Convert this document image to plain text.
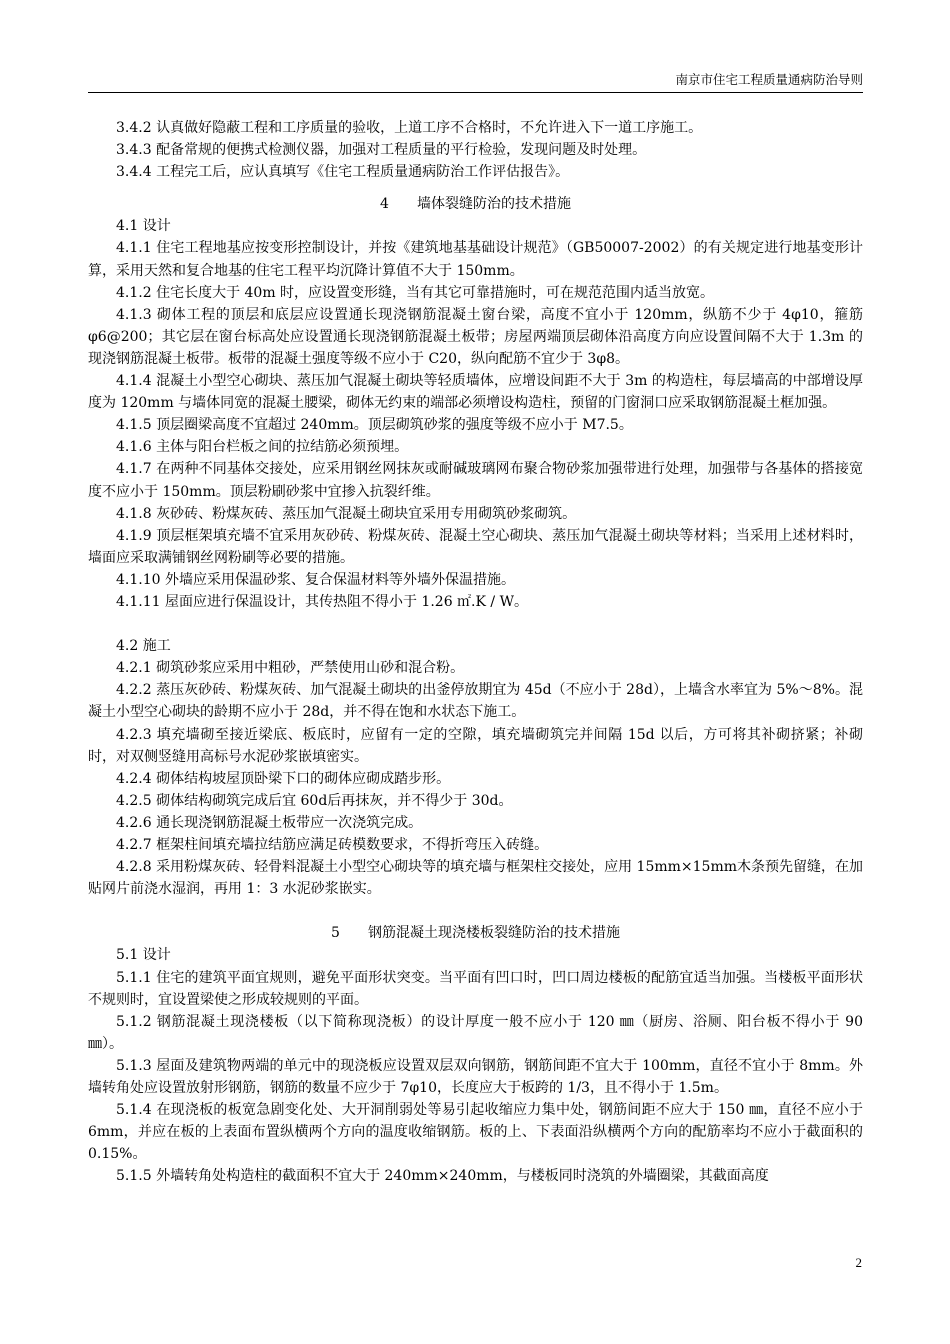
南京市住宅工程质量通病防治导则

3.4.2 认真做好隐蔽工程和工序质量的验收，上道工序不合格时，不允许进入下一道工序施工。

3.4.3 配备常规的便携式检测仪器，加强对工程质量的平行检验，发现问题及时处理。

3.4.4 工程完工后，应认真填写《住宅工程质量通病防治工作评估报告》。

4　　墙体裂缝防治的技术措施

4.1 设计

4.1.1 住宅工程地基应按变形控制设计，并按《建筑地基基础设计规范》（GB50007-2002）的有关规定进行地基变形计算，采用天然和复合地基的住宅工程平均沉降计算值不大于 150mm。

4.1.2 住宅长度大于 40m 时，应设置变形缝，当有其它可靠措施时，可在规范范围内适当放宽。

4.1.3 砌体工程的顶层和底层应设置通长现浇钢筋混凝土窗台梁，高度不宜小于 120mm，纵筋不少于 4φ10，箍筋φ6@200；其它层在窗台标高处应设置通长现浇钢筋混凝土板带；房屋两端顶层砌体沿高度方向应设置间隔不大于 1.3m 的现浇钢筋混凝土板带。板带的混凝土强度等级不应小于 C20，纵向配筋不宜少于 3φ8。

4.1.4 混凝土小型空心砌块、蒸压加气混凝土砌块等轻质墙体，应增设间距不大于 3m 的构造柱，每层墙高的中部增设厚度为 120mm 与墙体同宽的混凝土腰梁，砌体无约束的端部必须增设构造柱，预留的门窗洞口应采取钢筋混凝土框加强。

4.1.5 顶层圈梁高度不宜超过 240mm。顶层砌筑砂浆的强度等级不应小于 M7.5。

4.1.6 主体与阳台栏板之间的拉结筋必须预埋。

4.1.7 在两种不同基体交接处，应采用钢丝网抹灰或耐碱玻璃网布聚合物砂浆加强带进行处理，加强带与各基体的搭接宽度不应小于 150mm。顶层粉刷砂浆中宜掺入抗裂纤维。

4.1.8 灰砂砖、粉煤灰砖、蒸压加气混凝土砌块宜采用专用砌筑砂浆砌筑。

4.1.9 顶层框架填充墙不宜采用灰砂砖、粉煤灰砖、混凝土空心砌块、蒸压加气混凝土砌块等材料；当采用上述材料时，墙面应采取满铺钢丝网粉刷等必要的措施。

4.1.10 外墙应采用保温砂浆、复合保温材料等外墙外保温措施。

4.1.11 屋面应进行保温设计，其传热阻不得小于 1.26 ㎡.K / W。

4.2 施工

4.2.1 砌筑砂浆应采用中粗砂，严禁使用山砂和混合粉。

4.2.2 蒸压灰砂砖、粉煤灰砖、加气混凝土砌块的出釜停放期宜为 45d（不应小于 28d），上墙含水率宜为 5%～8%。混凝土小型空心砌块的龄期不应小于 28d，并不得在饱和水状态下施工。

4.2.3 填充墙砌至接近梁底、板底时，应留有一定的空隙，填充墙砌筑完并间隔 15d 以后，方可将其补砌挤紧；补砌时，对双侧竖缝用高标号水泥砂浆嵌填密实。

4.2.4 砌体结构坡屋顶卧梁下口的砌体应砌成踏步形。

4.2.5 砌体结构砌筑完成后宜 60d后再抹灰，并不得少于 30d。

4.2.6 通长现浇钢筋混凝土板带应一次浇筑完成。

4.2.7 框架柱间填充墙拉结筋应满足砖模数要求，不得折弯压入砖缝。

4.2.8 采用粉煤灰砖、轻骨料混凝土小型空心砌块等的填充墙与框架柱交接处，应用 15mm×15mm木条预先留缝，在加贴网片前浇水湿润，再用 1：3 水泥砂浆嵌实。

5　　钢筋混凝土现浇楼板裂缝防治的技术措施

5.1 设计

5.1.1 住宅的建筑平面宜规则，避免平面形状突变。当平面有凹口时，凹口周边楼板的配筋宜适当加强。当楼板平面形状不规则时，宜设置梁使之形成较规则的平面。

5.1.2 钢筋混凝土现浇楼板（以下简称现浇板）的设计厚度一般不应小于 120 ㎜（厨房、浴厕、阳台板不得小于 90 ㎜）。

5.1.3 屋面及建筑物两端的单元中的现浇板应设置双层双向钢筋，钢筋间距不宜大于 100mm，直径不宜小于 8mm。外墙转角处应设置放射形钢筋，钢筋的数量不应少于 7φ10，长度应大于板跨的 1/3，且不得小于 1.5m。

5.1.4 在现浇板的板宽急剧变化处、大开洞削弱处等易引起收缩应力集中处，钢筋间距不应大于 150 ㎜，直径不应小于 6mm，并应在板的上表面布置纵横两个方向的温度收缩钢筋。板的上、下表面沿纵横两个方向的配筋率均不应小于截面积的 0.15%。

5.1.5 外墙转角处构造柱的截面积不宜大于 240mm×240mm，与楼板同时浇筑的外墙圈梁，其截面高度

2
